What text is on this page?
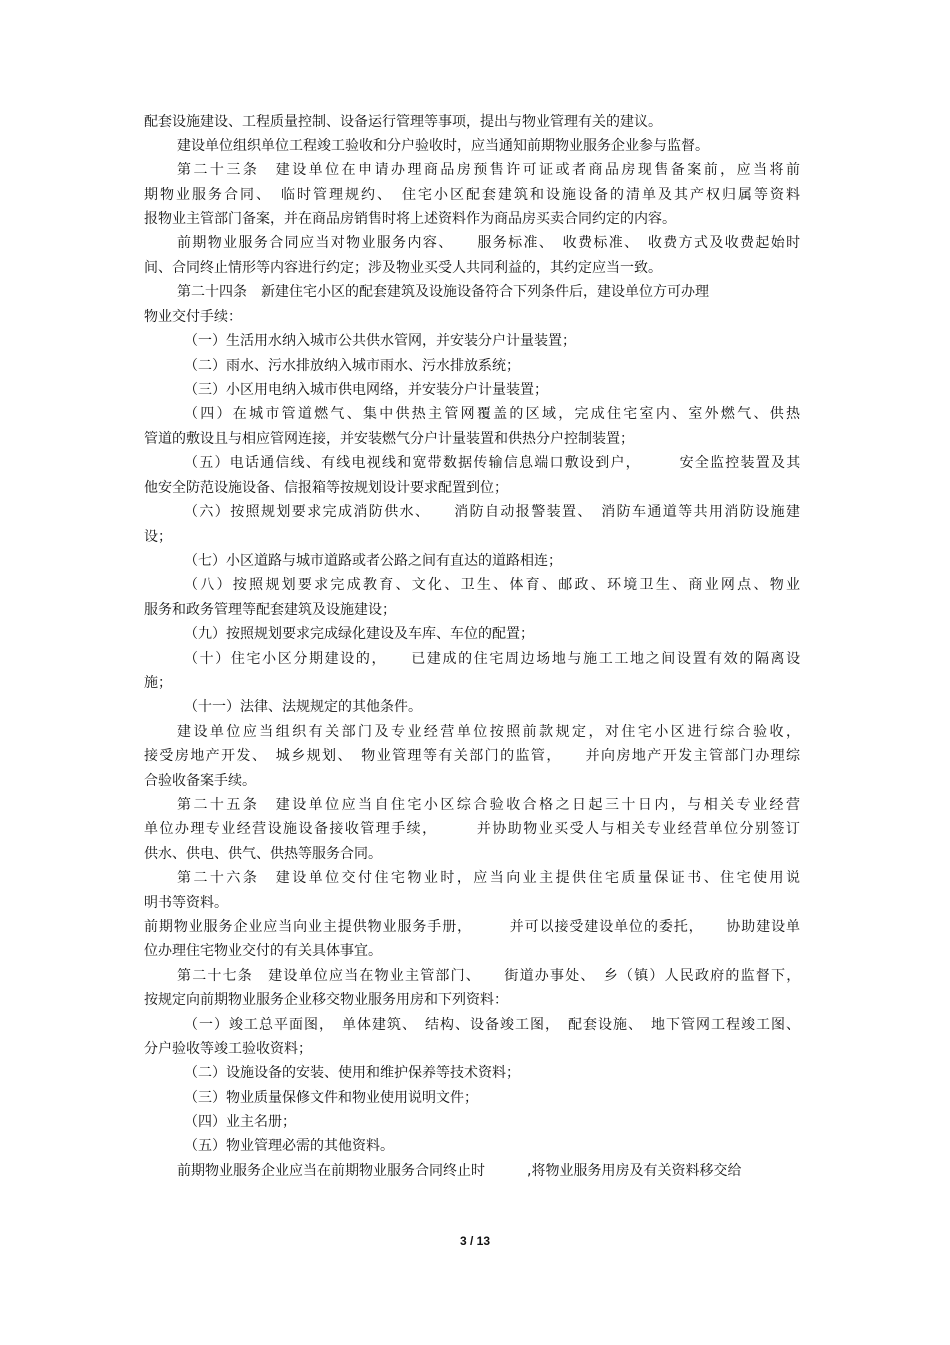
配套设施建设、工程质量控制、设备运行管理等事项，提出与物业管理有关的建议。
建设单位组织单位工程竣工验收和分户验收时，应当通知前期物业服务企业参与监督。
第二十三条　建设单位在申请办理商品房预售许可证或者商品房现售备案前，应当将前
期物业服务合同、　临时管理规约、　住宅小区配套建筑和设施设备的清单及其产权归属等资料
报物业主管部门备案，并在商品房销售时将上述资料作为商品房买卖合同约定的内容。
前期物业服务合同应当对物业服务内容、　　服务标准、　收费标准、　收费方式及收费起始时
间、合同终止情形等内容进行约定；涉及物业买受人共同利益的，其约定应当一致。
第二十四条　新建住宅小区的配套建筑及设施设备符合下列条件后，建设单位方可办理
物业交付手续：
（一）生活用水纳入城市公共供水管网，并安装分户计量装置；
（二）雨水、污水排放纳入城市雨水、污水排放系统；
（三）小区用电纳入城市供电网络，并安装分户计量装置；
（四）在城市管道燃气、集中供热主管网覆盖的区域，完成住宅室内、室外燃气、供热
管道的敷设且与相应管网连接，并安装燃气分户计量装置和供热分户控制装置；
（五）电话通信线、有线电视线和宽带数据传输信息端口敷设到户，　　　安全监控装置及其
他安全防范设施设备、信报箱等按规划设计要求配置到位；
（六）按照规划要求完成消防供水、　　消防自动报警装置、　消防车通道等共用消防设施建
设；
（七）小区道路与城市道路或者公路之间有直达的道路相连；
（八）按照规划要求完成教育、文化、卫生、体育、邮政、环境卫生、商业网点、物业
服务和政务管理等配套建筑及设施建设；
（九）按照规划要求完成绿化建设及车库、车位的配置；
（十）住宅小区分期建设的，　　已建成的住宅周边场地与施工工地之间设置有效的隔离设
施；
（十一）法律、法规规定的其他条件。
建设单位应当组织有关部门及专业经营单位按照前款规定，对住宅小区进行综合验收，
接受房地产开发、　城乡规划、　物业管理等有关部门的监管，　　并向房地产开发主管部门办理综
合验收备案手续。
第二十五条　建设单位应当自住宅小区综合验收合格之日起三十日内，与相关专业经营
单位办理专业经营设施设备接收管理手续，　　　并协助物业买受人与相关专业经营单位分别签订
供水、供电、供气、供热等服务合同。
第二十六条　建设单位交付住宅物业时，应当向业主提供住宅质量保证书、住宅使用说
明书等资料。
前期物业服务企业应当向业主提供物业服务手册，　　　并可以接受建设单位的委托，　　协助建设单
位办理住宅物业交付的有关具体事宜。
第二十七条　建设单位应当在物业主管部门、　　街道办事处、　乡（镇）人民政府的监督下，
按规定向前期物业服务企业移交物业服务用房和下列资料：
（一）竣工总平面图，　单体建筑、　结构、设备竣工图，　配套设施、　地下管网工程竣工图、
分户验收等竣工验收资料；
（二）设施设备的安装、使用和维护保养等技术资料；
（三）物业质量保修文件和物业使用说明文件；
（四）业主名册；
（五）物业管理必需的其他资料。
前期物业服务企业应当在前期物业服务合同终止时　　　,将物业服务用房及有关资料移交给
3 / 13
